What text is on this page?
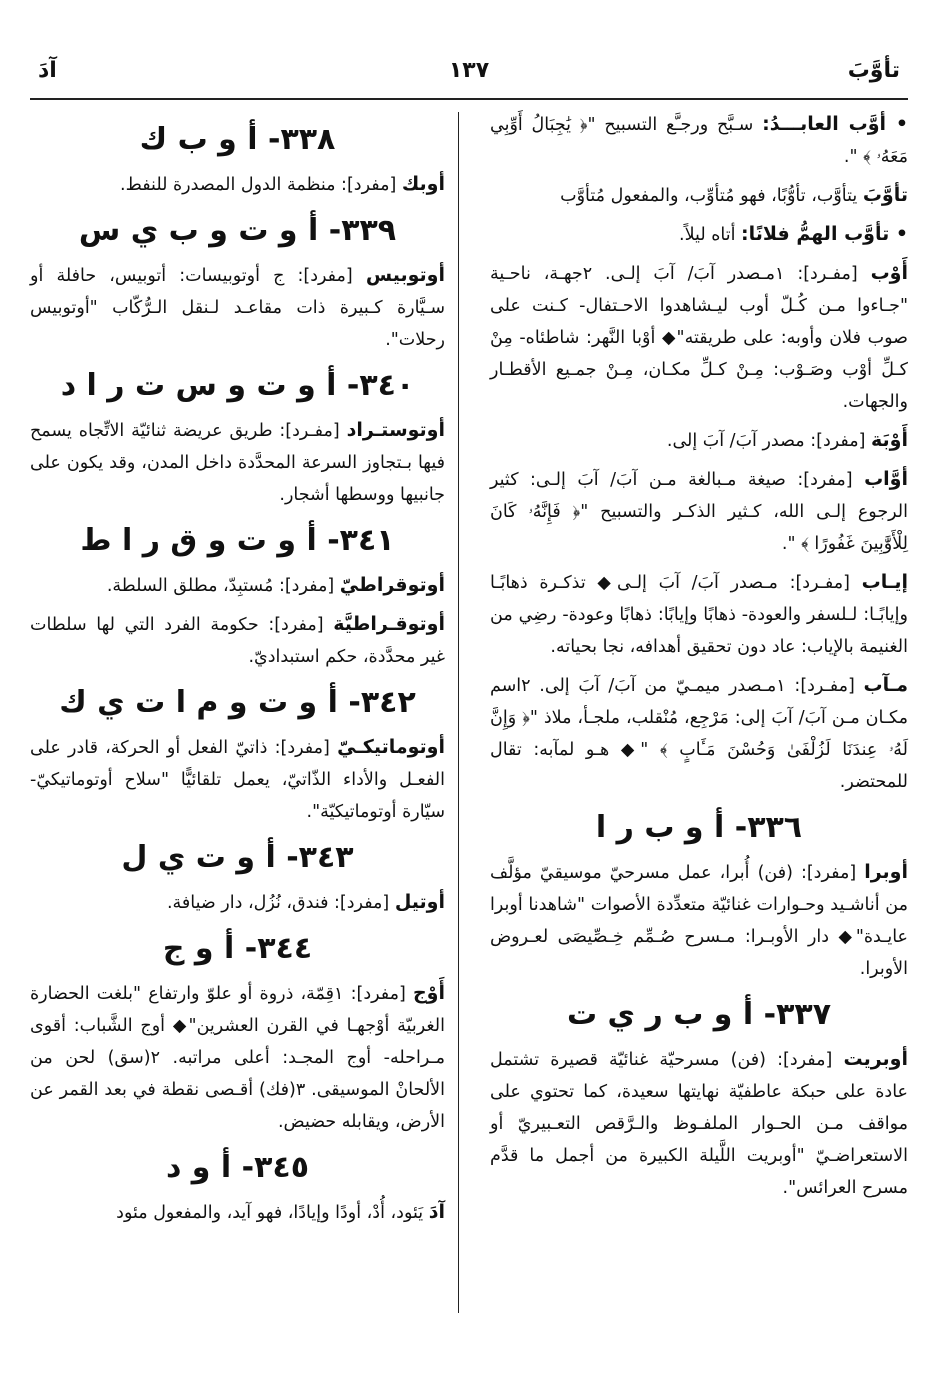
تأوَّبَ
١٣٧
آدَ

• أوَّب العابـــدُ: سـبَّح ورجـَّع التسبيح "﴿ يَٰجِبَالُ أَوِّبِي مَعَهُۥ ﴾ ".

تأوَّبَ يتأوَّب، تأوُّبًا، فهو مُتأوِّب، والمفعول مُتأوَّب

• تأوَّب الهمُّ فلانًا: أتاه ليلاً.

أَوْب [مفـرد]: ١مـصدر آبَ/ آبَ إلـى. ٢جهـة، ناحـية "جـاءوا مـن كُـلّ أوب ليـشاهدوا الاحـتفال- كـنت على صوب فلان وأوبه: على طريقته"◆ أوْبا النَّهر: شاطئاه- مِنْ كـلِّ أوْب وصَـوْب: مِـنْ كـلِّ مكـان، مِـنْ جمـيع الأقطـار والجهات.

أَوْبَة [مفرد]: مصدر آبَ/ آبَ إلى.

أوَّاب [مفرد]: صيغة مـبالغة مـن آبَ/ آبَ إلـى: كثير الرجوع إلـى الله، كـثير الذكـر والتسبيح "﴿ فَإِنَّهُۥ كَانَ لِلْأَوَّٰبِينَ غَفُورًا ﴾ ".

إيـاب [مفـرد]: مـصدر آبَ/ آبَ إلـى◆ تذكـرة ذهابًـا وإيابًـا: لـلسفر والعودة- ذهابًا وإيابًا: ذهابًا وعودة- رضِي من الغنيمة بالإياب: عاد دون تحقيق أهدافه، نجا بحياته.

مـآب [مفـرد]: ١مـصدر ميمـيّ من آبَ/ آبَ إلى. ٢اسم مكـان مـن آبَ/ آبَ إلى: مَرْجِع، مُنْقلب، ملجـأ، ملاذ "﴿ وَإِنَّ لَهُۥ عِندَنَا لَزُلْفَىٰ وَحُسْنَ مَـَٔابٍ ﴾ "◆ هـو لمآبه: تقال للمحتضر.

٣٣٦- أ و ب ر ا

أوبرا [مفرد]: (فن) أُبرا، عمل مسرحيّ موسيقيّ مؤلَّف من أناشـيد وحـوارات غنائيّة متعدِّدة الأصوات "شاهدنا أوبرا عايـدة"◆ دار الأوبـرا: مـسرح صُـمِّم خِـصِّيصَى لعـروض الأوبرا.

٣٣٧- أ و ب ر ي ت

أوبريت [مفرد]: (فن) مسرحيّة غنائيّة قصيرة تشتمل عادة على حبكة عاطفيّة نهايتها سعيدة، كما تحتوي على مواقف مـن الحـوار الملفـوظ والـرَّقص التعـبيريّ أو الاستعراضـيّ "أوبريت اللَّيلة الكبيرة من أجمل ما قدَّم مسرح العرائس".

٣٣٨- أ و ب ك

أوبك [مفرد]: منظمة الدول المصدرة للنفط.

٣٣٩- أ و ت و ب ي س

أوتوبيس [مفرد]: ج أوتوبيسات: أتوبيس، حافلة أو سـيَّارة كـبيرة ذات مقاعـد لـنقل الـرُّكّاب "أوتوبيس رحلات".

٣٤٠- أ و ت و س ت ر ا د

أوتوستـراد [مفـرد]: طريق عريضة ثنائيّة الاتِّجاه يسمح فيها بـتجاوز السرعة المحدَّدة داخل المدن، وقد يكون على جانبيها ووسطها أشجار.

٣٤١- أ و ت و ق ر ا ط

أوتوقراطيّ [مفرد]: مُستبِدّ، مطلق السلطة.

أوتوقـراطيَّة [مفرد]: حكومة الفرد التي لها سلطات غير محدَّدة، حكم استبداديّ.

٣٤٢- أ و ت و م ا ت ي ك

أوتوماتيكـيّ [مفرد]: ذاتيّ الفعل أو الحركة، قادر على الفعـل والأداء الذّاتيّ، يعمل تلقائيًّا "سلاح أوتوماتيكيّ- سيّارة أوتوماتيكيّة".

٣٤٣- أ و ت ي ل

أوتيل [مفرد]: فندق، نُزُل، دار ضيافة.

٣٤٤- أ و ج

أَوْج [مفرد]: ١قِمّة، ذروة أو علوّ وارتفاع "بلغت الحضارة الغربيّة أوْجهـا في القرن العشرين"◆ أوج الشَّباب: أقوى مـراحله- أوج المجـد: أعلى مراتبه. ٢(سق) لحن من الألحانْ الموسيقى. ٣(فك) أقـصى نقطة في بعد القمر عن الأرض، ويقابله حضيض.

٣٤٥- أ و د

آدَ يَئود، أُدْ، أودًا وإيادًا، فهو آيد، والمفعول مئود
